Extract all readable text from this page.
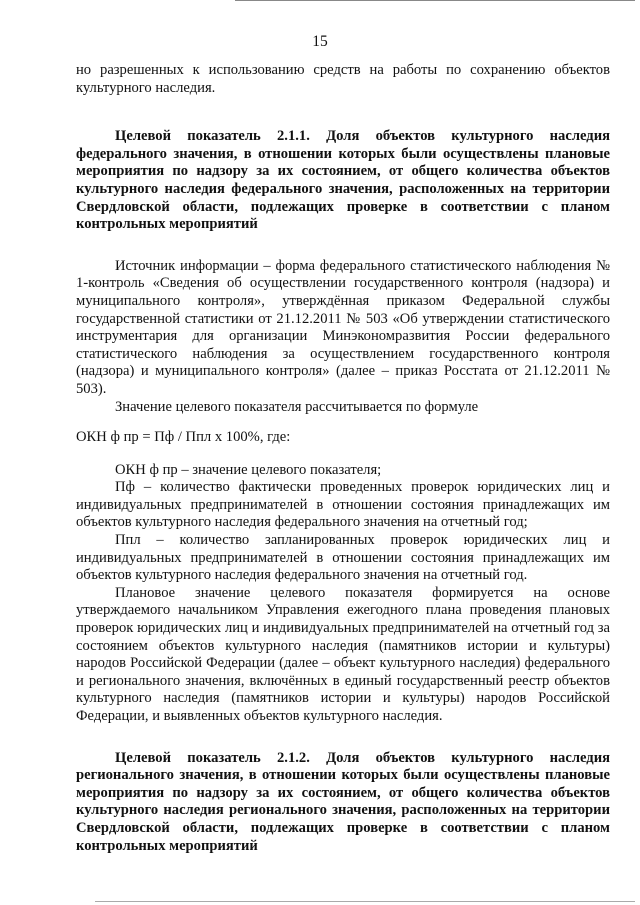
15

но разрешенных к использованию средств на работы по сохранению объектов культурного наследия.

Целевой показатель 2.1.1. Доля объектов культурного наследия федерального значения, в отношении которых были осуществлены плановые мероприятия по надзору за их состоянием, от общего количества объектов культурного наследия федерального значения, расположенных на территории Свердловской области, подлежащих проверке в соответствии с планом контрольных мероприятий

Источник информации – форма федерального статистического наблюдения № 1-контроль «Сведения об осуществлении государственного контроля (надзора) и муниципального контроля», утверждённая приказом Федеральной службы государственной статистики от 21.12.2011 № 503 «Об утверждении статистического инструментария для организации Минэкономразвития России федерального статистического наблюдения за осуществлением государственного контроля (надзора) и муниципального контроля» (далее – приказ Росстата от 21.12.2011 № 503).

Значение целевого показателя рассчитывается по формуле

ОКН ф пр = Пф / Ппл х 100%, где:

ОКН ф пр – значение целевого показателя;

Пф – количество фактически проведенных проверок юридических лиц и индивидуальных предпринимателей в отношении состояния принадлежащих им объектов культурного наследия федерального значения на отчетный год;

Ппл – количество запланированных проверок юридических лиц и индивидуальных предпринимателей в отношении состояния принадлежащих им объектов культурного наследия федерального значения на отчетный год.

Плановое значение целевого показателя формируется на основе утверждаемого начальником Управления ежегодного плана проведения плановых проверок юридических лиц и индивидуальных предпринимателей на отчетный год за состоянием объектов культурного наследия (памятников истории и культуры) народов Российской Федерации (далее – объект культурного наследия) федерального и регионального значения, включённых в единый государственный реестр объектов культурного наследия (памятников истории и культуры) народов Российской Федерации, и выявленных объектов культурного наследия.

Целевой показатель 2.1.2. Доля объектов культурного наследия регионального значения, в отношении которых были осуществлены плановые мероприятия по надзору за их состоянием, от общего количества объектов культурного наследия регионального значения, расположенных на территории Свердловской области, подлежащих проверке в соответствии с планом контрольных мероприятий
